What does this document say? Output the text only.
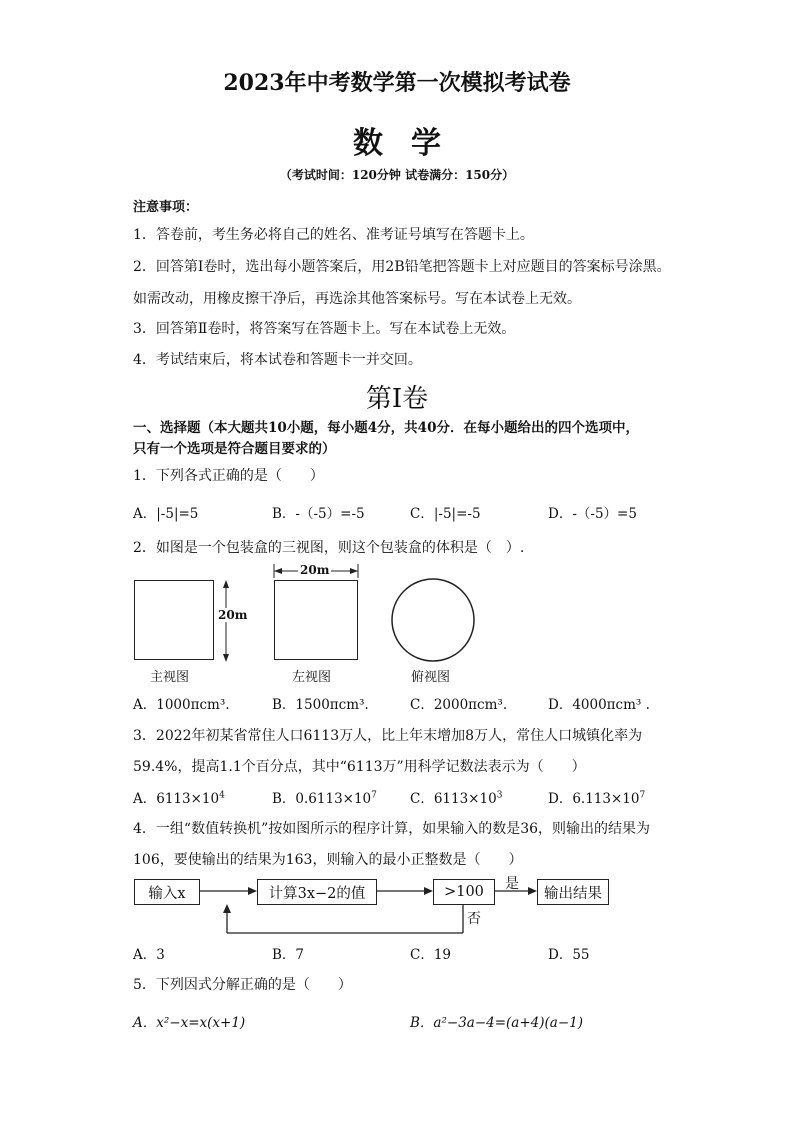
2023年中考数学第一次模拟考试卷
数学
（考试时间：120分钟 试卷满分：150分）
注意事项：
1．答卷前，考生务必将自己的姓名、准考证号填写在答题卡上。
2．回答第Ⅰ卷时，选出每小题答案后，用2B铅笔把答题卡上对应题目的答案标号涂黑。
如需改动，用橡皮擦干净后，再选涂其他答案标号。写在本试卷上无效。
3．回答第Ⅱ卷时，将答案写在答题卡上。写在本试卷上无效。
4．考试结束后，将本试卷和答题卡一并交回。
第Ⅰ卷
一、选择题（本大题共10小题，每小题4分，共40分．在每小题给出的四个选项中，
只有一个选项是符合题目要求的）
1．下列各式正确的是（　　）
A．|-5|=5	B．-（-5）=-5	C．|-5|=-5	D．-（-5）=5
2．如图是一个包装盒的三视图，则这个包装盒的体积是（　）.
20m
20m
主视图	左视图	俯视图
A．1000πcm³.	B．1500πcm³.	C．2000πcm³.	D．4000πcm³ .
3．2022年初某省常住人口6113万人，比上年末增加8万人，常住人口城镇化率为
59.4%，提高1.1个百分点，其中“6113万”用科学记数法表示为（　　）
A．$6113\times 10^4$	B．$0.6113\times 10^7$ C．$6113\times 10^3$	D．$6.113\times 10^7$
4．一组“数值转换机”按如图所示的程序计算，如果输入的数是36，则输出的结果为
106，要使输出的结果为163，则输入的最小正整数是（　　）
输入x	计算3x−2的值	>100	输出结果
是
否
A．3	B．7	C．19	D．55
5．下列因式分解正确的是（　　）
A．x²−x=x(x+1)	B．a²−3a−4=(a+4)(a−1)
